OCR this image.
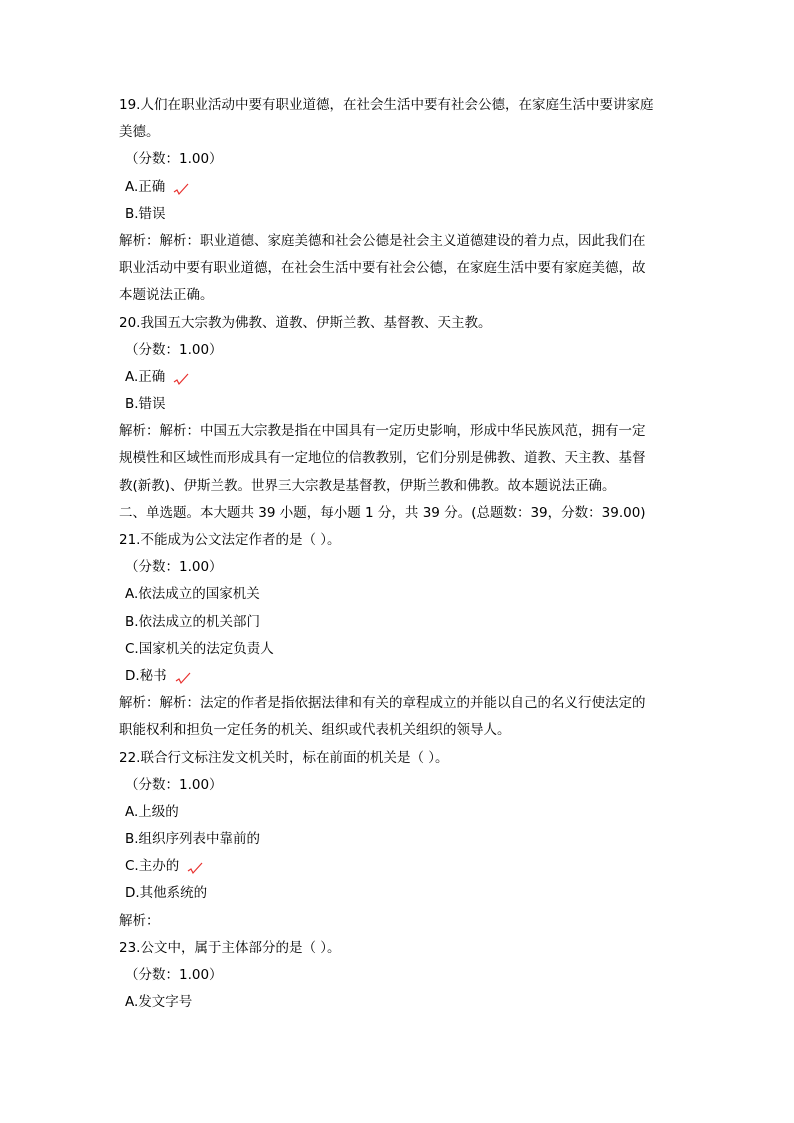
19.人们在职业活动中要有职业道德，在社会生活中要有社会公德，在家庭生活中要讲家庭
美德。
（分数：1.00）
A.正确
B.错误
解析：解析：职业道德、家庭美德和社会公德是社会主义道德建设的着力点，因此我们在
职业活动中要有职业道德，在社会生活中要有社会公德，在家庭生活中要有家庭美德，故
本题说法正确。
20.我国五大宗教为佛教、道教、伊斯兰教、基督教、天主教。
（分数：1.00）
A.正确
B.错误
解析：解析：中国五大宗教是指在中国具有一定历史影响，形成中华民族风范，拥有一定
规模性和区域性而形成具有一定地位的信教教别，它们分别是佛教、道教、天主教、基督
教(新教)、伊斯兰教。世界三大宗教是基督教，伊斯兰教和佛教。故本题说法正确。
二、单选题。本大题共 39 小题，每小题 1 分，共 39 分。(总题数：39，分数：39.00)
21.不能成为公文法定作者的是（ ）。
（分数：1.00）
A.依法成立的国家机关
B.依法成立的机关部门
C.国家机关的法定负责人
D.秘书
解析：解析：法定的作者是指依据法律和有关的章程成立的并能以自己的名义行使法定的
职能权利和担负一定任务的机关、组织或代表机关组织的领导人。
22.联合行文标注发文机关时，标在前面的机关是（ ）。
（分数：1.00）
A.上级的
B.组织序列表中靠前的
C.主办的
D.其他系统的
解析：
23.公文中，属于主体部分的是（ ）。
（分数：1.00）
A.发文字号
